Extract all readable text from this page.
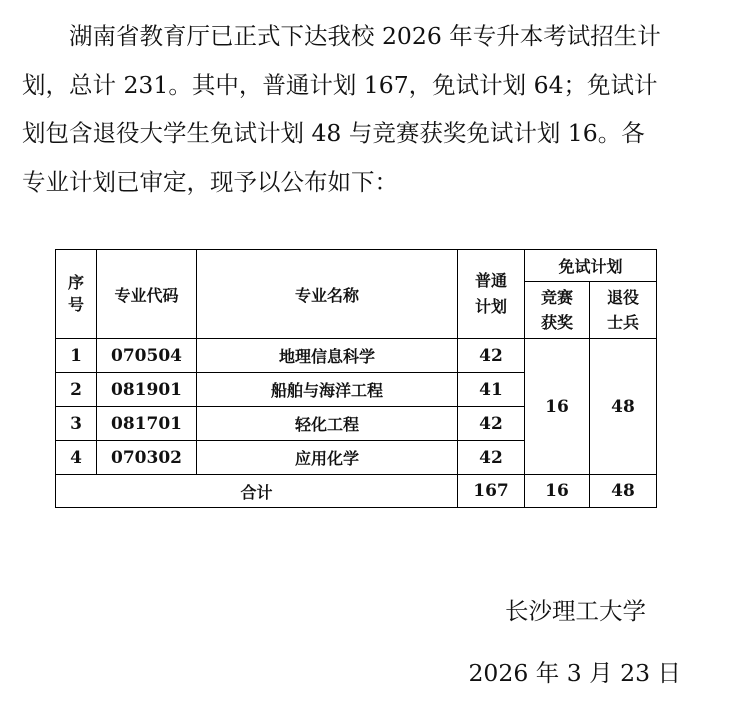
湖南省教育厅已正式下达我校 2026 年专升本考试招生计
划，总计 231。其中，普通计划 167，免试计划 64；免试计
划包含退役大学生免试计划 48 与竞赛获奖免试计划 16。各
专业计划已审定，现予以公布如下：
序号	专业代码	专业名称	普通计划	免试计划	
				竞赛获奖	退役士兵
1	070504	地理信息科学	42	16	48
2	081901	船舶与海洋工程	41		
3	081701	轻化工程	42		
4	070302	应用化学	42		
合计			167	16	48
长沙理工大学
2026 年 3 月 23 日
